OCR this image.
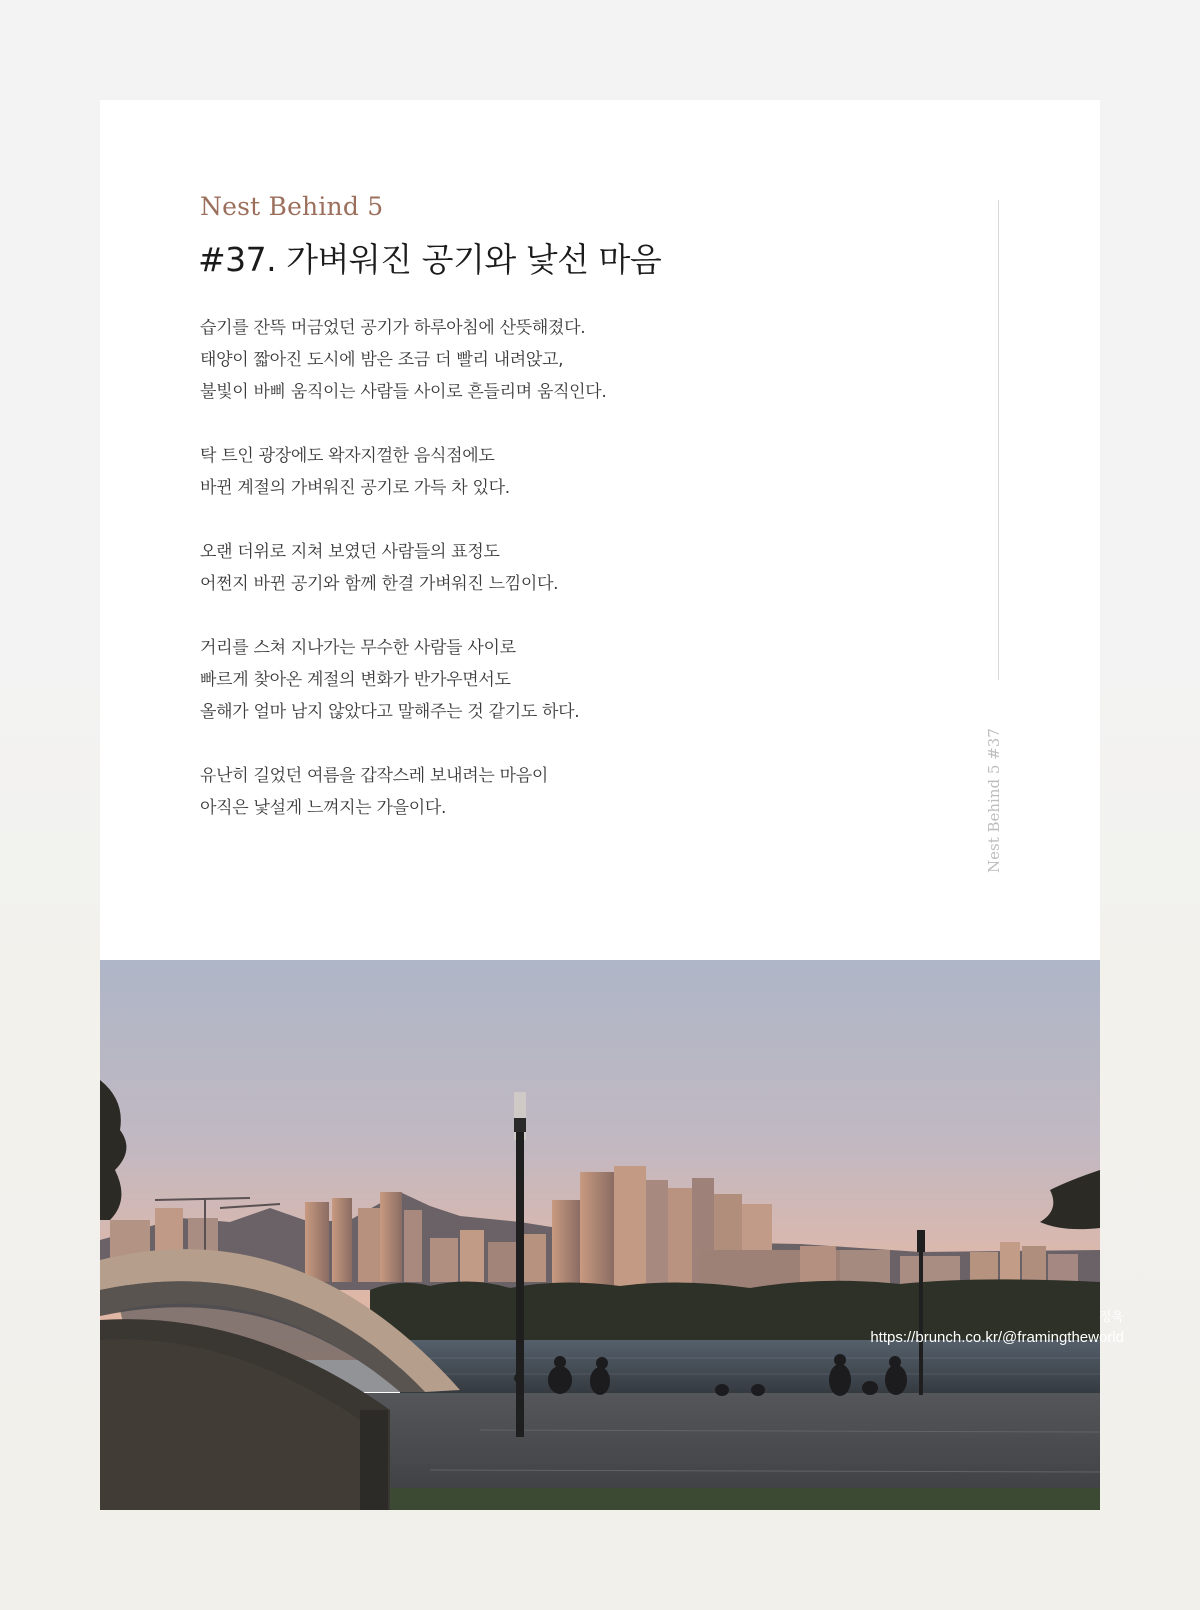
Nest Behind 5
#37. 가벼워진 공기와 낯선 마음

습기를 잔뜩 머금었던 공기가 하루아침에 산뜻해졌다.
태양이 짧아진 도시에 밤은 조금 더 빨리 내려앉고,
불빛이 바삐 움직이는 사람들 사이로 흔들리며 움직인다.

탁 트인 광장에도 왁자지껄한 음식점에도
바뀐 계절의 가벼워진 공기로 가득 차 있다.

오랜 더위로 지쳐 보였던 사람들의 표정도
어쩐지 바뀐 공기와 함께 한결 가벼워진 느낌이다.

거리를 스쳐 지나가는 무수한 사람들 사이로
빠르게 찾아온 계절의 변화가 반가우면서도
올해가 얼마 남지 않았다고 말해주는 것 같기도 하다.

유난히 길었던 여름을 갑작스레 보내려는 마음이
아직은 낯설게 느껴지는 가을이다.	Nest Behind 5 #37
정욱
https://brunch.co.kr/@framingtheworld
